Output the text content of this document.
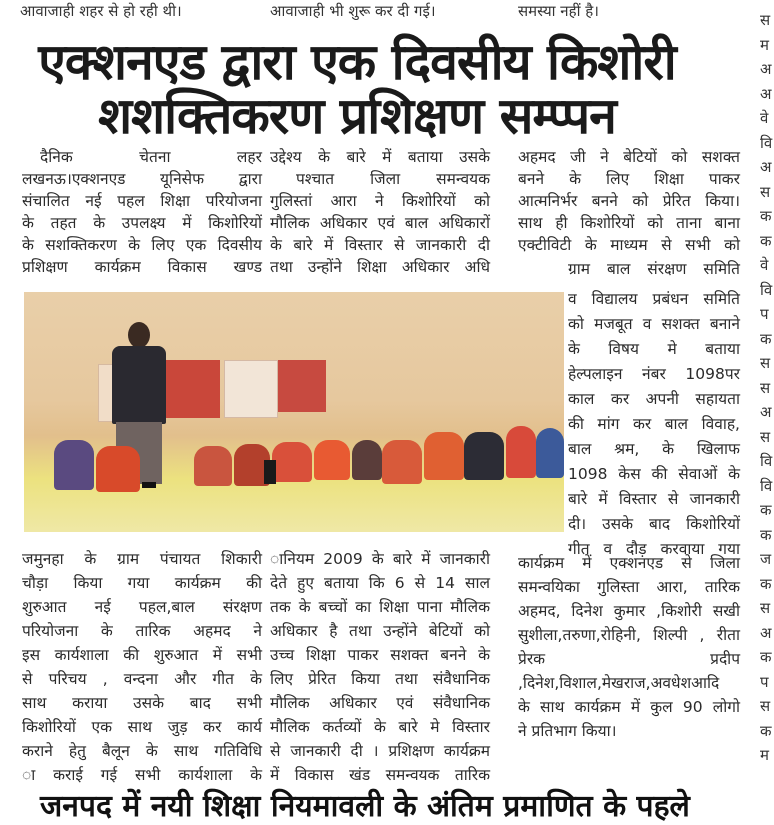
आवाजाही शहर से हो रही थी।	आवाजाही भी शुरू कर दी गई।	समस्या नहीं है।
एक्शनएड द्वारा एक दिवसीय किशोरी
शशक्तिकरण प्रशिक्षण सम्प्पन
दैनिक चेतना लहर
लखनऊ।एक्शनएड यूनिसेफ द्वारा
संचालित नई पहल शिक्षा परियोजना
के तहत के उपलक्ष्य में किशोरियों
के सशक्तिकरण के लिए एक दिवसीय
प्रशिक्षण कार्यक्रम विकास खण्ड
उद्देश्य के बारे में बताया उसके
पश्चात जिला समन्वयक
गुलिस्तां आरा ने किशोरियों को
मौलिक अधिकार एवं बाल अधिकारों
के बारे में विस्तार से जानकारी दी
तथा उन्होंने शिक्षा अधिकार अधि
अहमद जी ने बेटियों को सशक्त
बनने के लिए शिक्षा पाकर
आत्मनिर्भर बनने को प्रेरित किया।
साथ ही किशोरियों को ताना बाना
एक्टीविटी के माध्यम से सभी को
ग्राम बाल संरक्षण समिति
व विद्यालय प्रबंधन समिति
को मजबूत व सशक्त बनाने
के विषय मे बताया
हेल्पलाइन नंबर 1098पर
काल कर अपनी सहायता
की मांग कर बाल विवाह,
बाल श्रम, के खिलाफ
1098 केस की सेवाओं के
बारे में विस्तार से जानकारी
दी। उसके बाद किशोरियों
गीत व दौड़ करवाया गया
जमुनहा के ग्राम पंचायत शिकारी
चौड़ा किया गया कार्यक्रम की
शुरुआत नई पहल,बाल संरक्षण
परियोजना के तारिक अहमद ने
इस कार्यशाला की शुरुआत में सभी
से परिचय , वन्दना और गीत के
साथ कराया उसके बाद सभी
किशोरियों एक साथ जुड़ कर कार्य
कराने हेतु बैलून के साथ गतिविधि
ा कराई गई सभी कार्यशाला के
ानियम 2009 के बारे में जानकारी
देते हुए बताया कि 6 से 14 साल
तक के बच्चों का शिक्षा पाना मौलिक
अधिकार है तथा उन्होंने बेटियों को
उच्च शिक्षा पाकर सशक्त बनने के
लिए प्रेरित किया तथा संवैधानिक
मौलिक अधिकार एवं संवैधानिक
मौलिक कर्तव्यों के बारे मे विस्तार
से जानकारी दी । प्रशिक्षण कार्यक्रम
में विकास खंड समन्वयक तारिक
कार्यक्रम में एक्शनएड से जिला
समन्वयिका गुलिस्ता आरा, तारिक
अहमद, दिनेश कुमार ,किशोरी सखी
सुशीला,तरुणा,रोहिनी, शिल्पी , रीता
प्रेरक प्रदीप
,दिनेश,विशाल,मेखराज,अवधेशआदि
के साथ कार्यक्रम में कुल 90 लोगो
ने प्रतिभाग किया।
स
म
अ
अ
वे
वि
अ
स
क
क
वे
वि
प
क
स
स
अ
स
वि
वि
क
क
ज
क
स
अ
क
प
स
क
म
जनपद में नयी शिक्षा नियमावली के अंतिम प्रमाणित के पहले
